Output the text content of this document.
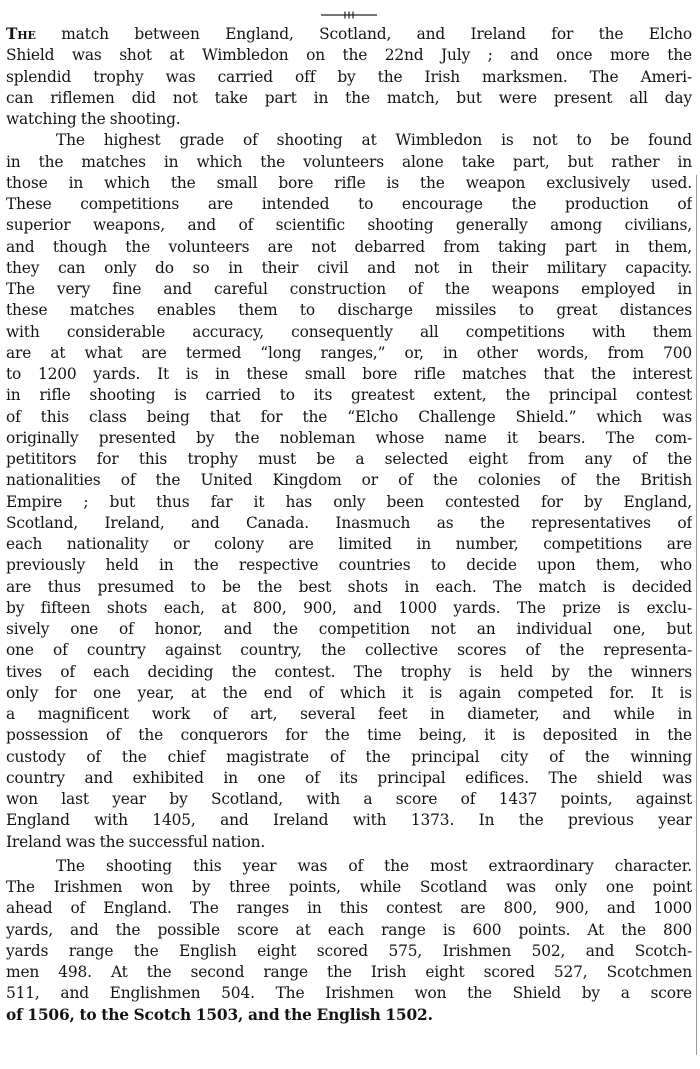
The match between England, Scotland, and Ireland for the Elcho
Shield was shot at Wimbledon on the 22nd July ; and once more the
splendid trophy was carried off by the Irish marksmen. The Ameri-
can riflemen did not take part in the match, but were present all day
watching the shooting.
The highest grade of shooting at Wimbledon is not to be found
in the matches in which the volunteers alone take part, but rather in
those in which the small bore rifle is the weapon exclusively used.
These competitions are intended to encourage the production of
superior weapons, and of scientific shooting generally among civilians,
and though the volunteers are not debarred from taking part in them,
they can only do so in their civil and not in their military capacity.
The very fine and careful construction of the weapons employed in
these matches enables them to discharge missiles to great distances
with considerable accuracy, consequently all competitions with them
are at what are termed “long ranges,” or, in other words, from 700
to 1200 yards. It is in these small bore rifle matches that the interest
in rifle shooting is carried to its greatest extent, the principal contest
of this class being that for the “Elcho Challenge Shield.” which was
originally presented by the nobleman whose name it bears. The com-
petititors for this trophy must be a selected eight from any of the
nationalities of the United Kingdom or of the colonies of the British
Empire ; but thus far it has only been contested for by England,
Scotland, Ireland, and Canada. Inasmuch as the representatives of
each nationality or colony are limited in number, competitions are
previously held in the respective countries to decide upon them, who
are thus presumed to be the best shots in each. The match is decided
by fifteen shots each, at 800, 900, and 1000 yards. The prize is exclu-
sively one of honor, and the competition not an individual one, but
one of country against country, the collective scores of the representa-
tives of each deciding the contest. The trophy is held by the winners
only for one year, at the end of which it is again competed for. It is
a magnificent work of art, several feet in diameter, and while in
possession of the conquerors for the time being, it is deposited in the
custody of the chief magistrate of the principal city of the winning
country and exhibited in one of its principal edifices. The shield was
won last year by Scotland, with a score of 1437 points, against
England with 1405, and Ireland with 1373. In the previous year
Ireland was the successful nation.
The shooting this year was of the most extraordinary character.
The Irishmen won by three points, while Scotland was only one point
ahead of England. The ranges in this contest are 800, 900, and 1000
yards, and the possible score at each range is 600 points. At the 800
yards range the English eight scored 575, Irishmen 502, and Scotch-
men 498. At the second range the Irish eight scored 527, Scotchmen
511, and Englishmen 504. The Irishmen won the Shield by a score
of 1506, to the Scotch 1503, and the English 1502.
